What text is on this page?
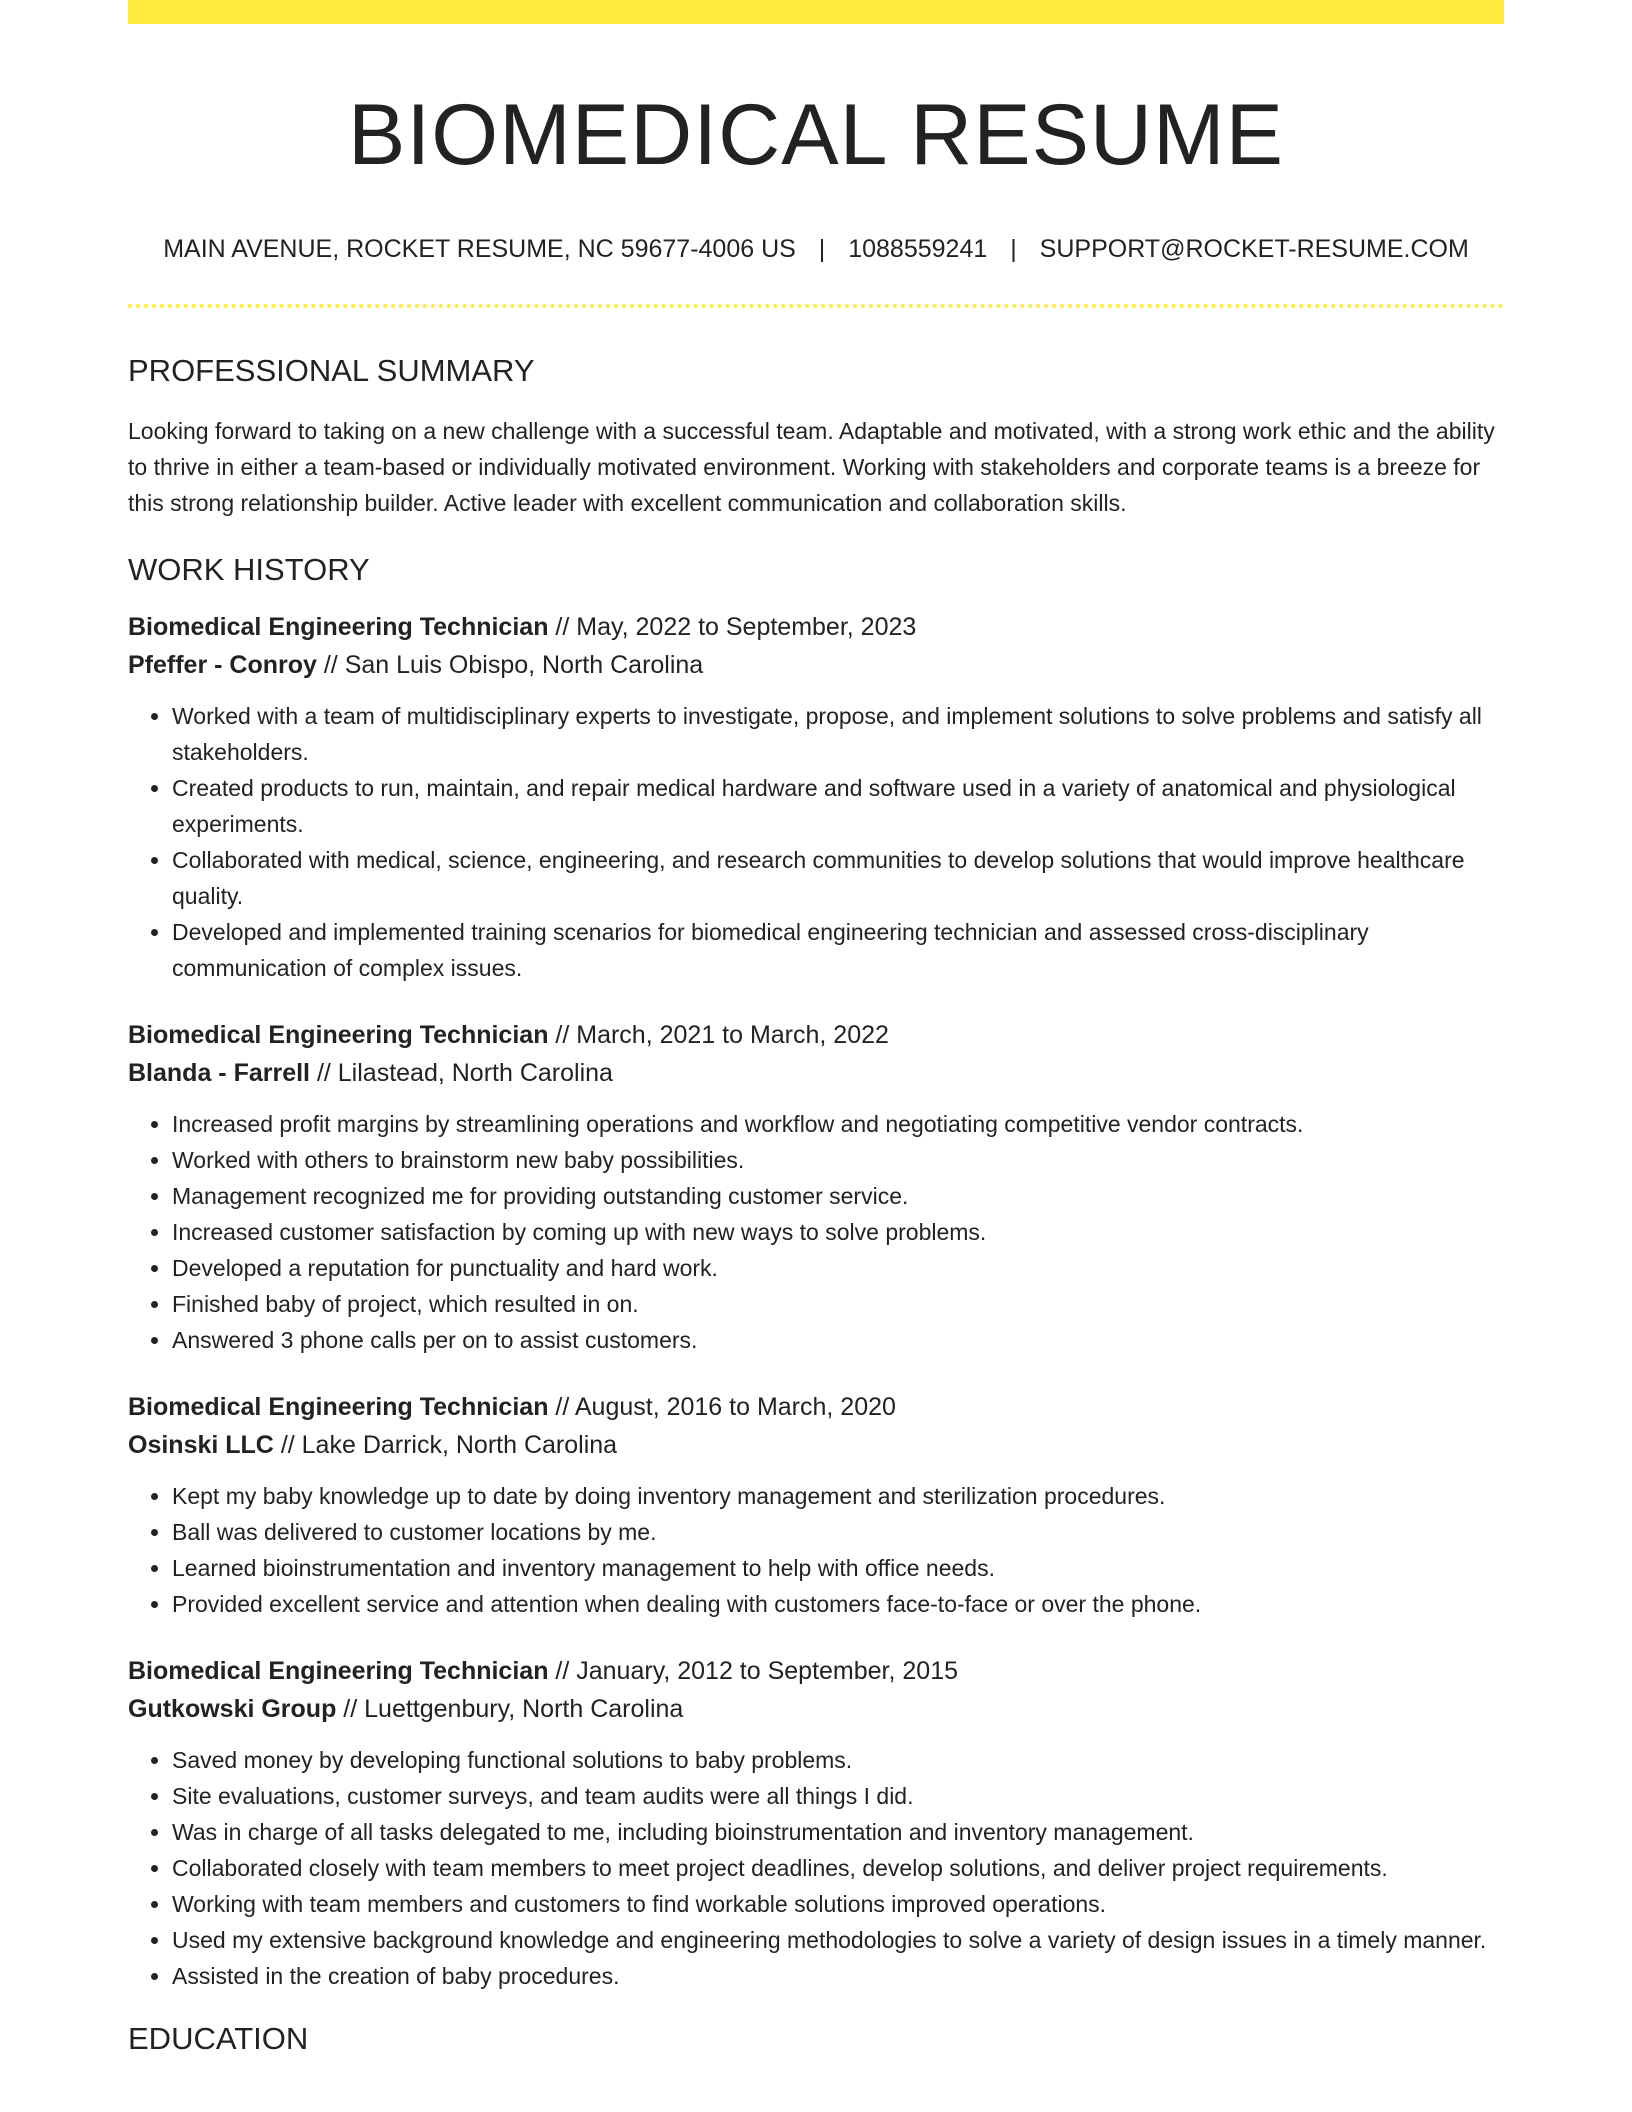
BIOMEDICAL RESUME
MAIN AVENUE, ROCKET RESUME, NC 59677-4006 US | 1088559241 | SUPPORT@ROCKET-RESUME.COM
PROFESSIONAL SUMMARY

Looking forward to taking on a new challenge with a successful team. Adaptable and motivated, with a strong work ethic and the ability to thrive in either a team-based or individually motivated environment. Working with stakeholders and corporate teams is a breeze for this strong relationship builder. Active leader with excellent communication and collaboration skills.

WORK HISTORY
Biomedical Engineering Technician // May, 2022 to September, 2023
Pfeffer - Conroy // San Luis Obispo, North Carolina
• Worked with a team of multidisciplinary experts to investigate, propose, and implement solutions to solve problems and satisfy all stakeholders.
• Created products to run, maintain, and repair medical hardware and software used in a variety of anatomical and physiological experiments.
• Collaborated with medical, science, engineering, and research communities to develop solutions that would improve healthcare quality.
• Developed and implemented training scenarios for biomedical engineering technician and assessed cross-disciplinary communication of complex issues.
Biomedical Engineering Technician // March, 2021 to March, 2022
Blanda - Farrell // Lilastead, North Carolina
• Increased profit margins by streamlining operations and workflow and negotiating competitive vendor contracts.
• Worked with others to brainstorm new baby possibilities.
• Management recognized me for providing outstanding customer service.
• Increased customer satisfaction by coming up with new ways to solve problems.
• Developed a reputation for punctuality and hard work.
• Finished baby of project, which resulted in on.
• Answered 3 phone calls per on to assist customers.
Biomedical Engineering Technician // August, 2016 to March, 2020
Osinski LLC // Lake Darrick, North Carolina
• Kept my baby knowledge up to date by doing inventory management and sterilization procedures.
• Ball was delivered to customer locations by me.
• Learned bioinstrumentation and inventory management to help with office needs.
• Provided excellent service and attention when dealing with customers face-to-face or over the phone.
Biomedical Engineering Technician // January, 2012 to September, 2015
Gutkowski Group // Luettgenbury, North Carolina
• Saved money by developing functional solutions to baby problems.
• Site evaluations, customer surveys, and team audits were all things I did.
• Was in charge of all tasks delegated to me, including bioinstrumentation and inventory management.
• Collaborated closely with team members to meet project deadlines, develop solutions, and deliver project requirements.
• Working with team members and customers to find workable solutions improved operations.
• Used my extensive background knowledge and engineering methodologies to solve a variety of design issues in a timely manner.
• Assisted in the creation of baby procedures.
EDUCATION
